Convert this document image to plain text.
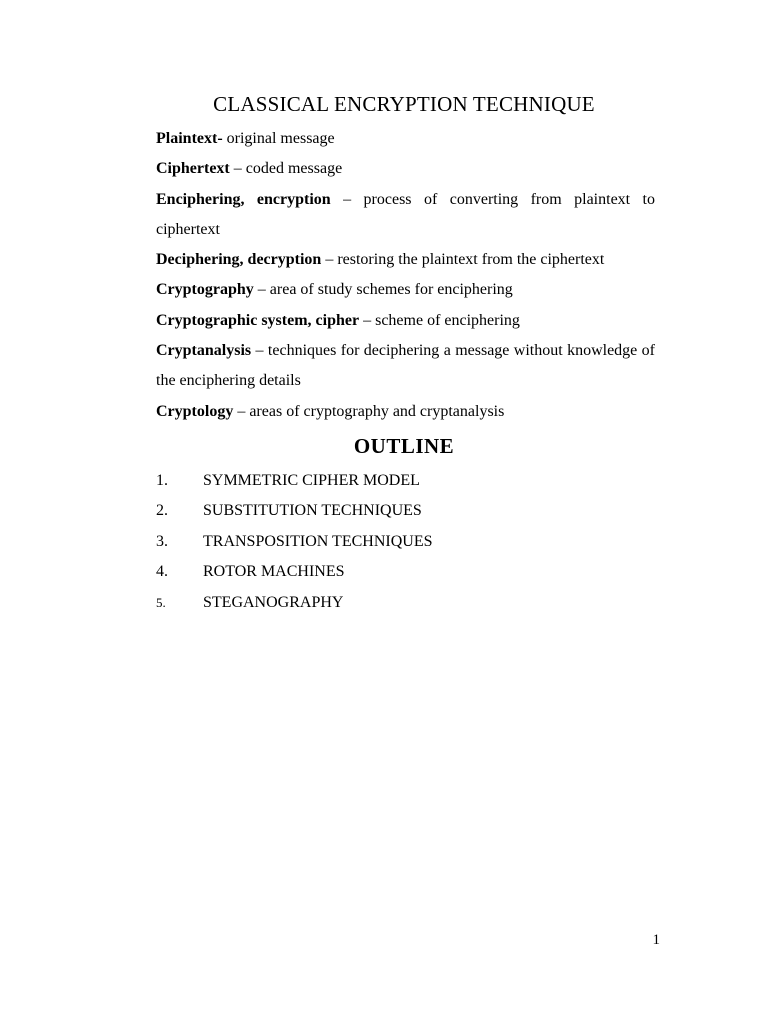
CLASSICAL ENCRYPTION TECHNIQUE

Plaintext- original message

Ciphertext – coded message

Enciphering, encryption – process of converting from plaintext to ciphertext

Deciphering, decryption – restoring the plaintext from the ciphertext

Cryptography – area of study schemes for enciphering

Cryptographic system, cipher – scheme of enciphering

Cryptanalysis – techniques for deciphering a message without knowledge of the enciphering details

Cryptology – areas of cryptography and cryptanalysis

OUTLINE
1. SYMMETRIC CIPHER MODEL
2. SUBSTITUTION TECHNIQUES
3. TRANSPOSITION TECHNIQUES
4. ROTOR MACHINES
5. STEGANOGRAPHY
1
